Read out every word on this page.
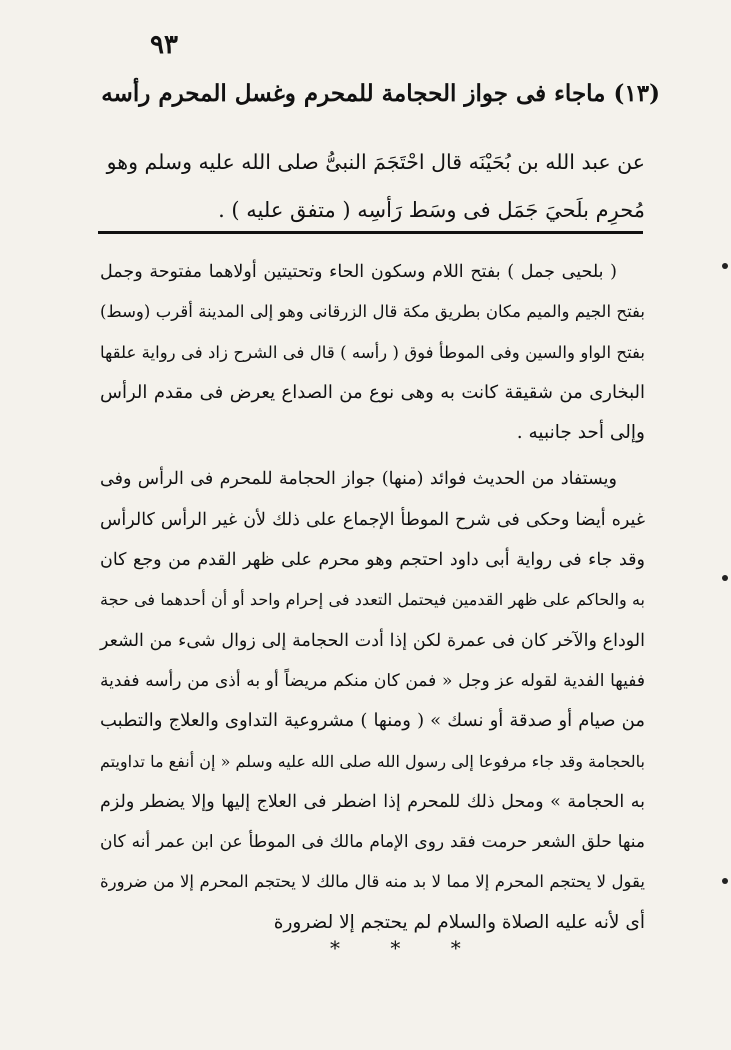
٩٣
(١٣) ماجاء فى جواز الحجامة للمحرم وغسل المحرم رأسه
عن عبد الله بن بُحَيْنَه قال احْتَجَمَ النبىُّ صلى الله عليه وسلم وهو
مُحرِم بلَحيَ جَمَل فى وسَط رَأسِه ( متفق عليه ) .
( بلحيى جمل ) بفتح اللام وسكون الحاء وتحتيتين أولاهما مفتوحة وجمل
بفتح الجيم والميم مكان بطريق مكة قال الزرقانى وهو إلى المدينة أقرب (وسط)
بفتح الواو والسين وفى الموطأ فوق ( رأسه ) قال فى الشرح زاد فى رواية علقها
البخارى من شقيقة كانت به وهى نوع من الصداع يعرض فى مقدم الرأس
وإلى أحد جانبيه .
ويستفاد من الحديث فوائد (منها) جواز الحجامة للمحرم فى الرأس وفى
غيره أيضا وحكى فى شرح الموطأ الإجماع على ذلك لأن غير الرأس كالرأس
وقد جاء فى رواية أبى داود احتجم وهو محرم على ظهر القدم من وجع كان
به والحاكم على ظهر القدمين فيحتمل التعدد فى إحرام واحد أو أن أحدهما فى حجة
الوداع والآخر كان فى عمرة لكن إذا أدت الحجامة إلى زوال شىء من الشعر
ففيها الفدية لقوله عز وجل « فمن كان منكم مريضاً أو به أذى من رأسه ففدية
من صيام أو صدقة أو نسك » ( ومنها ) مشروعية التداوى والعلاج والتطبب
بالحجامة وقد جاء مرفوعا إلى رسول الله صلى الله عليه وسلم « إن أنفع ما تداويتم
به الحجامة » ومحل ذلك للمحرم إذا اضطر فى العلاج إليها وإلا يضطر ولزم
منها حلق الشعر حرمت فقد روى الإمام مالك فى الموطأ عن ابن عمر أنه كان
يقول لا يحتجم المحرم إلا مما لا بد منه قال مالك لا يحتجم المحرم إلا من ضرورة
أى لأنه عليه الصلاة والسلام لم يحتجم إلا لضرورة
* * *
